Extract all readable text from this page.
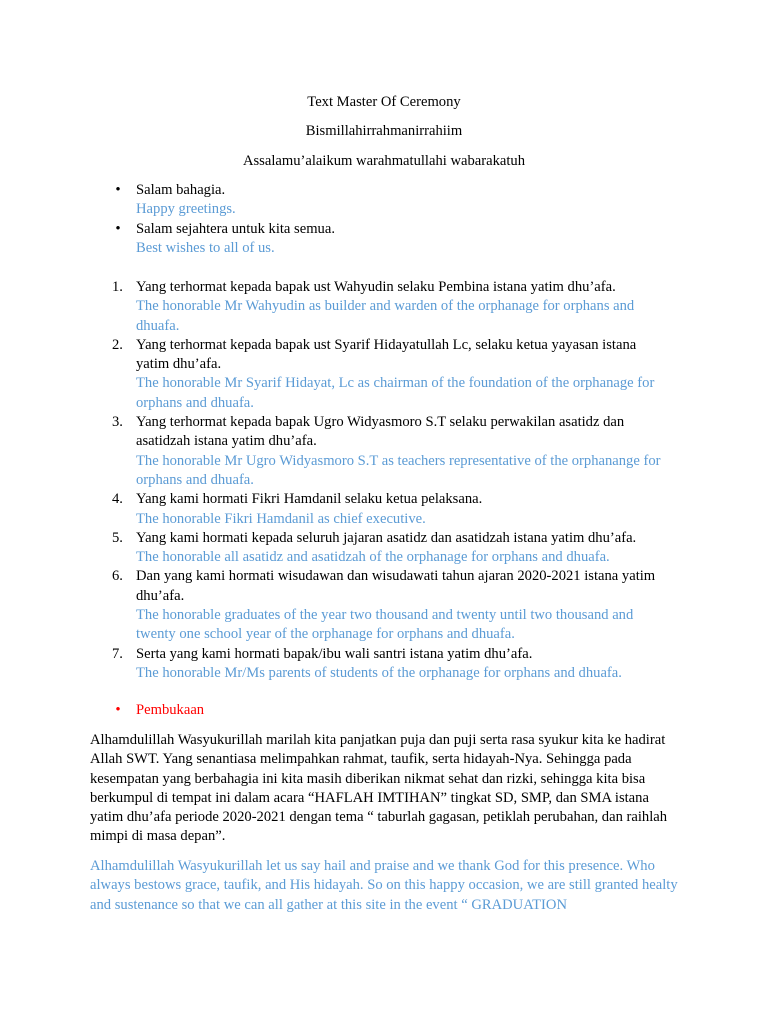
Text Master Of Ceremony
Bismillahirrahmanirrahiim
Assalamu’alaikum warahmatullahi wabarakatuh
• Salam bahagia.
Happy greetings.
• Salam sejahtera untuk kita semua.
Best wishes to all of us.
1. Yang terhormat kepada bapak ust Wahyudin selaku Pembina istana yatim dhu’afa.
The honorable Mr Wahyudin as builder and warden of the orphanage for orphans and dhuafa.
2. Yang terhormat kepada bapak ust Syarif Hidayatullah Lc, selaku ketua yayasan istana yatim dhu’afa.
The honorable Mr Syarif Hidayat, Lc as chairman of the foundation of the orphanage for orphans and dhuafa.
3. Yang terhormat kepada bapak Ugro Widyasmoro S.T selaku perwakilan asatidz dan asatidzah istana yatim dhu’afa.
The honorable Mr Ugro Widyasmoro S.T as teachers representative of the orphanange for orphans and dhuafa.
4. Yang kami hormati Fikri Hamdanil selaku ketua pelaksana.
The honorable Fikri Hamdanil as chief executive.
5. Yang kami hormati kepada seluruh jajaran asatidz dan asatidzah istana yatim dhu’afa.
The honorable all asatidz and asatidzah of the orphanage for orphans and dhuafa.
6. Dan yang kami hormati wisudawan dan wisudawati tahun ajaran 2020-2021 istana yatim dhu’afa.
The honorable graduates of the year two thousand and twenty until two thousand and twenty one school year of the orphanage for orphans and dhuafa.
7. Serta yang kami hormati bapak/ibu wali santri istana yatim dhu’afa.
The honorable Mr/Ms parents of students of the orphanage for orphans and dhuafa.
• Pembukaan
Alhamdulillah Wasyukurillah marilah kita panjatkan puja dan puji serta rasa syukur kita ke hadirat Allah SWT. Yang senantiasa melimpahkan rahmat, taufik, serta hidayah-Nya. Sehingga pada kesempatan yang berbahagia ini kita masih diberikan nikmat sehat dan rizki, sehingga kita bisa berkumpul di tempat ini dalam acara “HAFLAH IMTIHAN” tingkat SD, SMP, dan SMA istana yatim dhu’afa periode 2020-2021 dengan tema “ taburlah gagasan, petiklah perubahan, dan raihlah mimpi di masa depan”.
Alhamdulillah Wasyukurillah let us say hail and praise and we thank God for this presence. Who always bestows grace, taufik, and His hidayah. So on this happy occasion, we are still granted healty and sustenance so that we can all gather at this site in the event “ GRADUATION
